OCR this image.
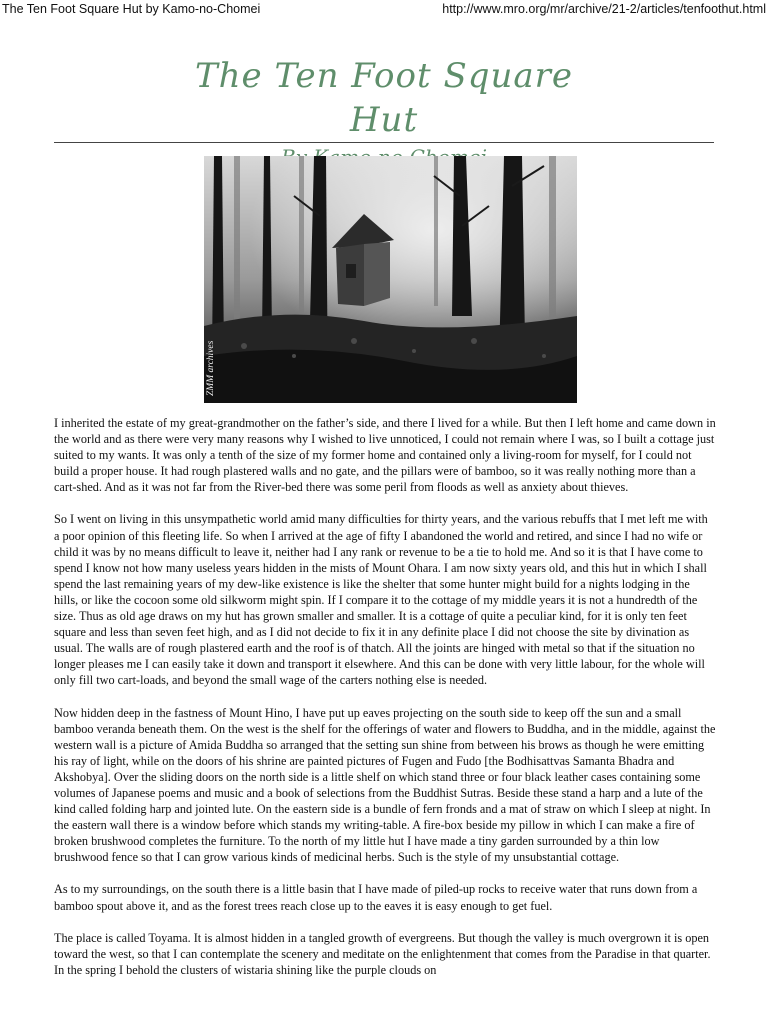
The Ten Foot Square Hut by Kamo-no-Chomei	http://www.mro.org/mr/archive/21-2/articles/tenfoothut.html
The Ten Foot Square Hut
ZMM archives

I inherited the estate of my great-grandmother on the father’s side, and there I lived for a while. But then I left home and came down in the world and as there were very many reasons why I wished to live unnoticed, I could not remain where I was, so I built a cottage just suited to my wants. It was only a tenth of the size of my former home and contained only a living-room for myself, for I could not build a proper house. It had rough plastered walls and no gate, and the pillars were of bamboo, so it was really nothing more than a cart-shed. And as it was not far from the River-bed there was some peril from floods as well as anxiety about thieves.

So I went on living in this unsympathetic world amid many difficulties for thirty years, and the various rebuffs that I met left me with a poor opinion of this fleeting life. So when I arrived at the age of fifty I abandoned the world and retired, and since I had no wife or child it was by no means difficult to leave it, neither had I any rank or revenue to be a tie to hold me. And so it is that I have come to spend I know not how many useless years hidden in the mists of Mount Ohara. I am now sixty years old, and this hut in which I shall spend the last remaining years of my dew-like existence is like the shelter that some hunter might build for a nights lodging in the hills, or like the cocoon some old silkworm might spin. If I compare it to the cottage of my middle years it is not a hundredth of the size. Thus as old age draws on my hut has grown smaller and smaller. It is a cottage of quite a peculiar kind, for it is only ten feet square and less than seven feet high, and as I did not decide to fix it in any definite place I did not choose the site by divination as usual. The walls are of rough plastered earth and the roof is of thatch. All the joints are hinged with metal so that if the situation no longer pleases me I can easily take it down and transport it elsewhere. And this can be done with very little labour, for the whole will only fill two cart-loads, and beyond the small wage of the carters nothing else is needed.

Now hidden deep in the fastness of Mount Hino, I have put up eaves projecting on the south side to keep off the sun and a small bamboo veranda beneath them. On the west is the shelf for the offerings of water and flowers to Buddha, and in the middle, against the western wall is a picture of Amida Buddha so arranged that the setting sun shine from between his brows as though he were emitting his ray of light, while on the doors of his shrine are painted pictures of Fugen and Fudo [the Bodhisattvas Samanta Bhadra and Akshobya]. Over the sliding doors on the north side is a little shelf on which stand three or four black leather cases containing some volumes of Japanese poems and music and a book of selections from the Buddhist Sutras. Beside these stand a harp and a lute of the kind called folding harp and jointed lute. On the eastern side is a bundle of fern fronds and a mat of straw on which I sleep at night. In the eastern wall there is a window before which stands my writing-table. A fire-box beside my pillow in which I can make a fire of broken brushwood completes the furniture. To the north of my little hut I have made a tiny garden surrounded by a thin low brushwood fence so that I can grow various kinds of medicinal herbs. Such is the style of my unsubstantial cottage.

As to my surroundings, on the south there is a little basin that I have made of piled-up rocks to receive water that runs down from a bamboo spout above it, and as the forest trees reach close up to the eaves it is easy enough to get fuel.

The place is called Toyama. It is almost hidden in a tangled growth of evergreens. But though the valley is much overgrown it is open toward the west, so that I can contemplate the scenery and meditate on the enlightenment that comes from the Paradise in that quarter. In the spring I behold the clusters of wistaria shining like the purple clouds on
